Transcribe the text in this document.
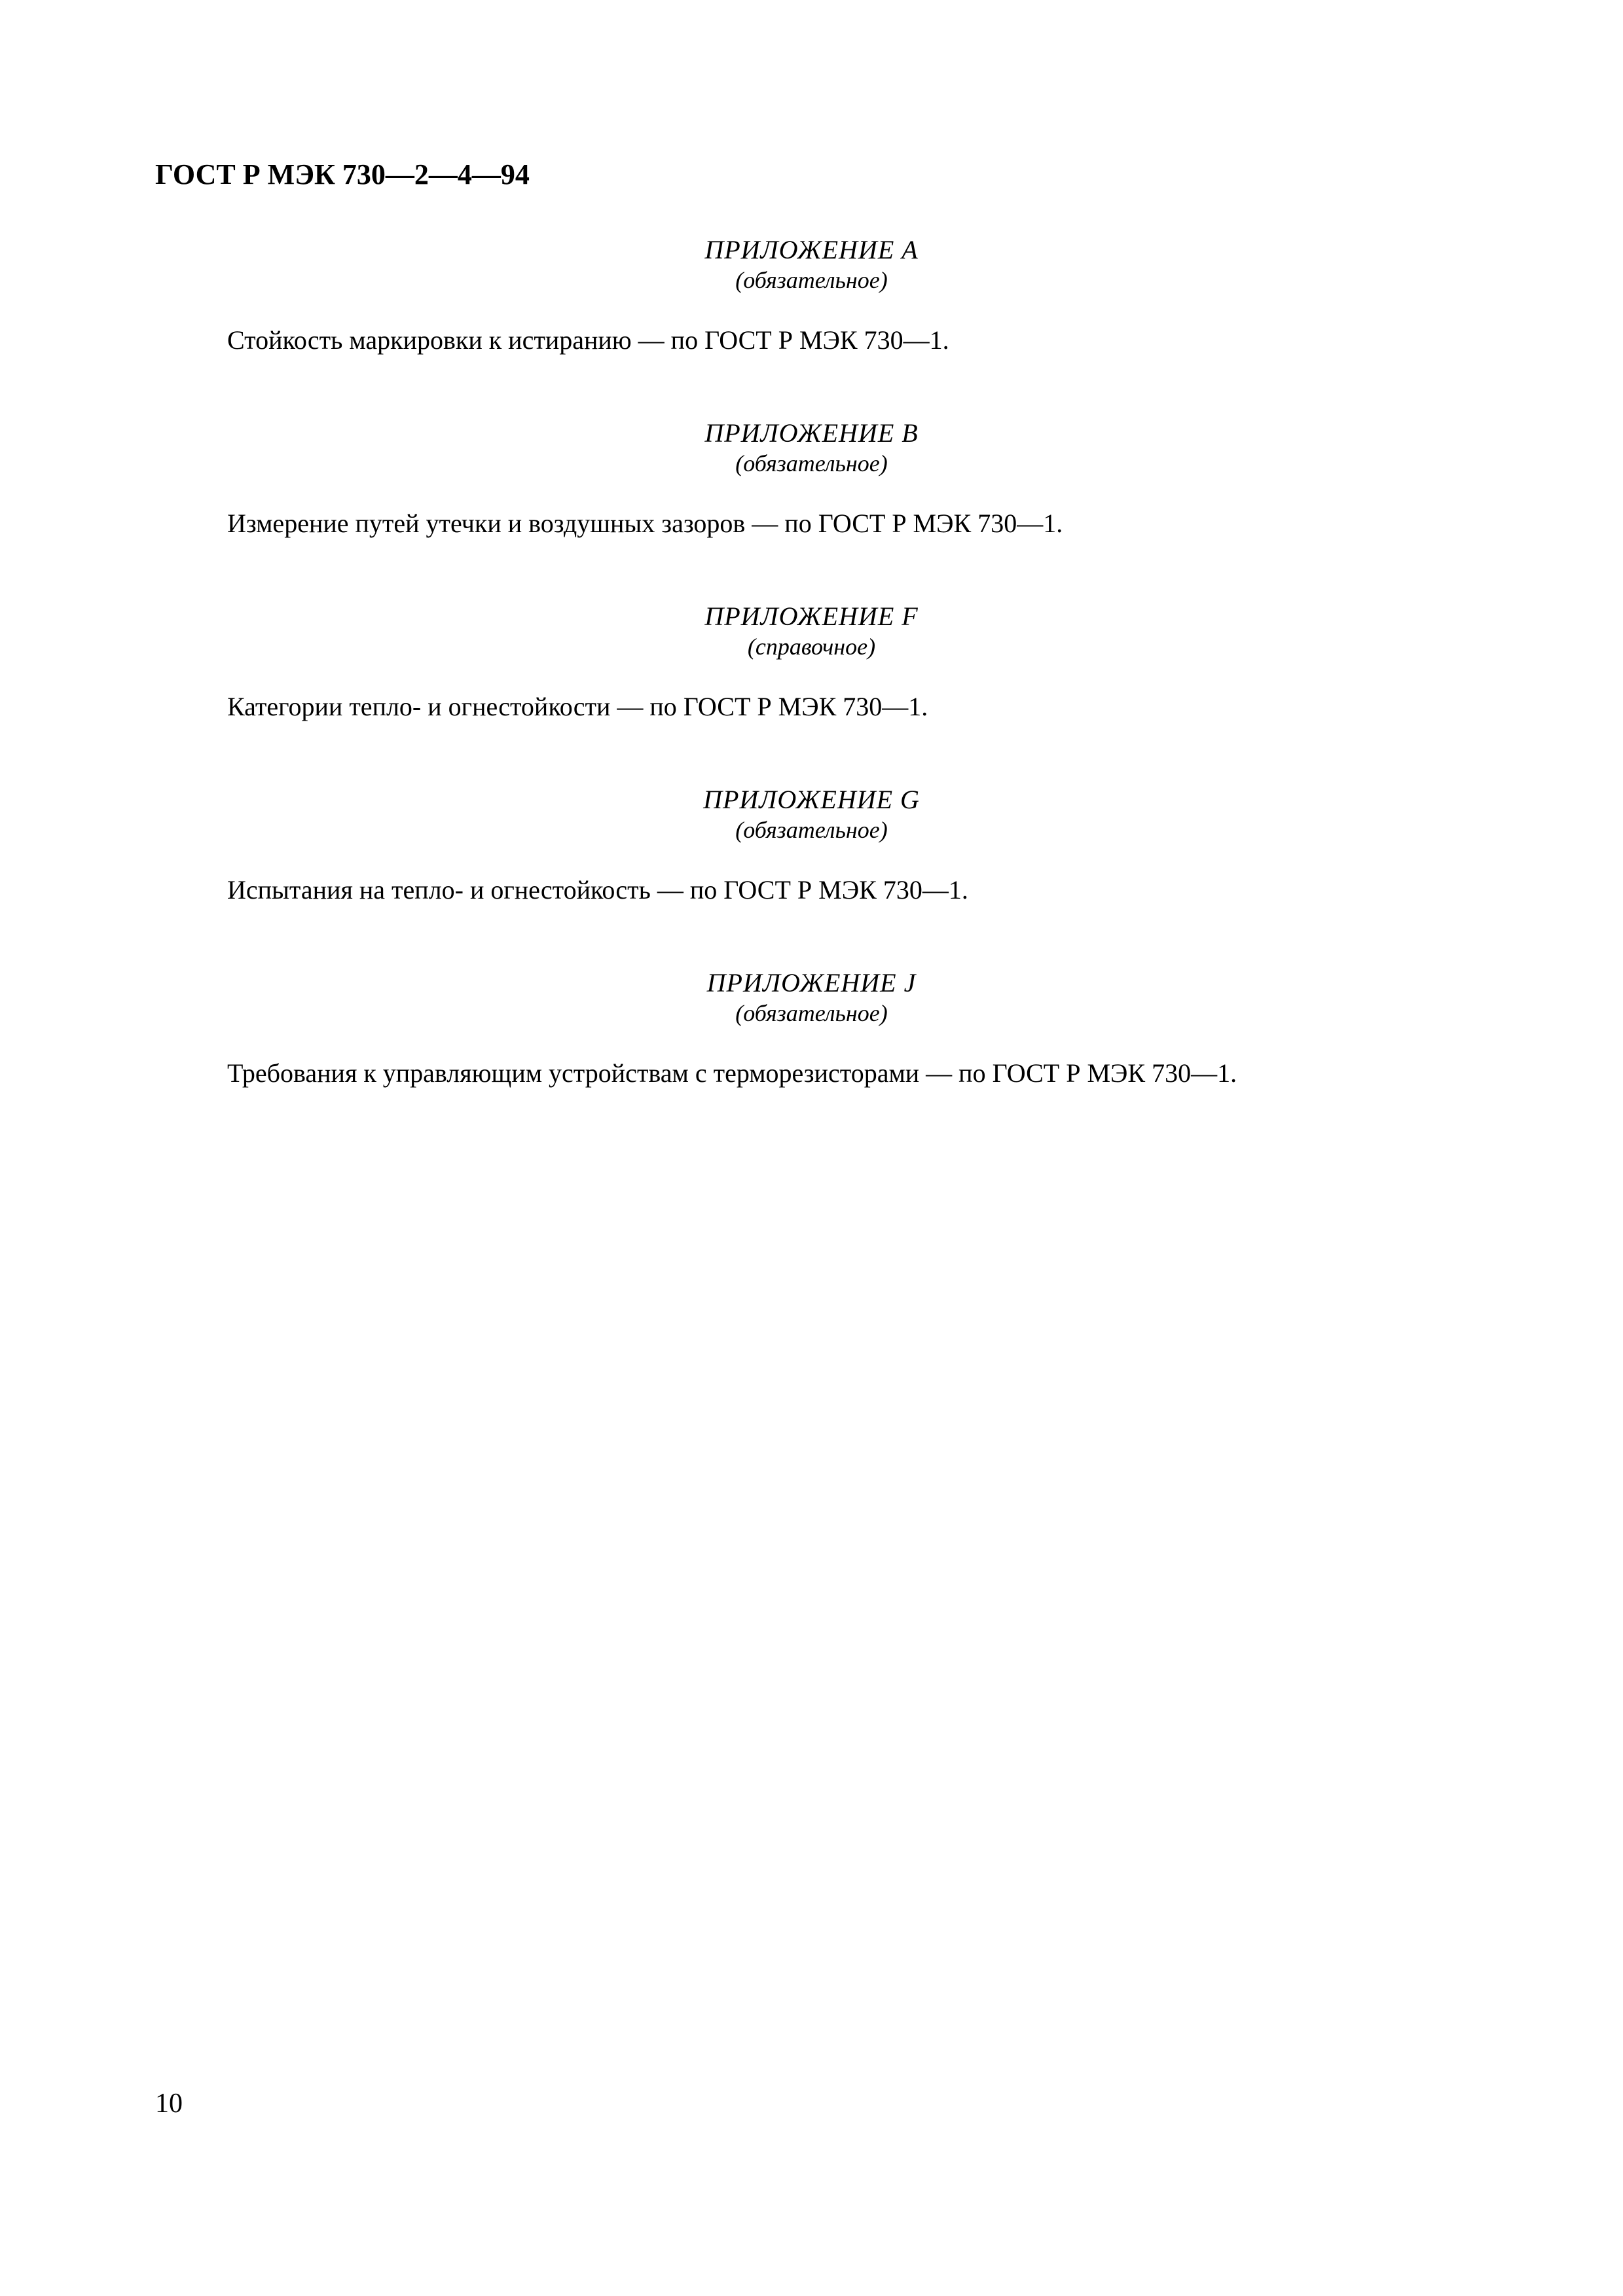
ГОСТ Р МЭК 730—2—4—94
ПРИЛОЖЕНИЕ А
(обязательное)
Стойкость маркировки к истиранию — по ГОСТ Р МЭК 730—1.
ПРИЛОЖЕНИЕ В
(обязательное)
Измерение путей утечки и воздушных зазоров — по ГОСТ Р МЭК 730—1.
ПРИЛОЖЕНИЕ F
(справочное)
Категории тепло- и огнестойкости — по ГОСТ Р МЭК 730—1.
ПРИЛОЖЕНИЕ G
(обязательное)
Испытания на тепло- и огнестойкость — по ГОСТ Р МЭК 730—1.
ПРИЛОЖЕНИЕ J
(обязательное)
Требования к управляющим устройствам с терморезисторами — по ГОСТ Р МЭК 730—1.
10
